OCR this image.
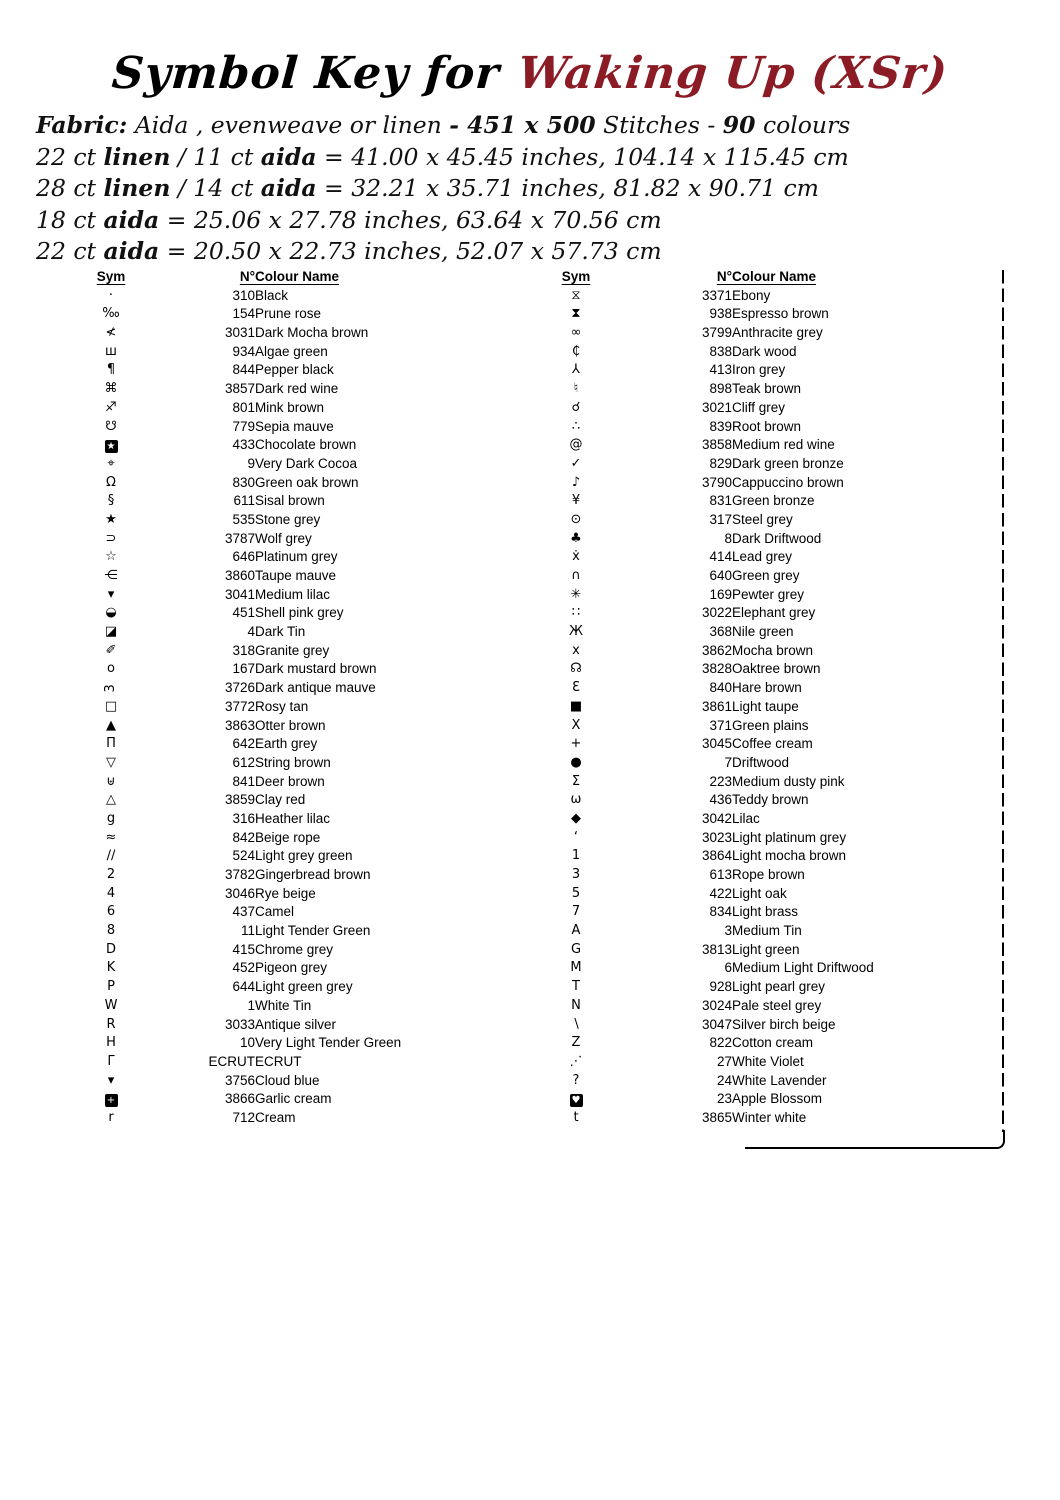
Symbol Key for Waking Up (XSr)
Fabric: Aida , evenweave or linen - 451 x 500 Stitches - 90 colours
22 ct linen / 11 ct aida = 41.00 x 45.45 inches, 104.14 x 115.45 cm
28 ct linen / 14 ct aida = 32.21 x 35.71 inches, 81.82 x 90.71 cm
18 ct aida = 25.06 x 27.78 inches, 63.64 x 70.56 cm
22 ct aida = 20.50 x 22.73 inches, 52.07 x 57.73 cm
Sym	N°	Colour Name
·	310	Black
‰	154	Prune rose
≮	3031	Dark Mocha brown
ш	934	Algae green
¶	844	Pepper black
⌘	3857	Dark red wine
♐	801	Mink brown
☋	779	Sepia mauve
★	433	Chocolate brown
⌖	9	Very Dark Cocoa
Ω	830	Green oak brown
§	611	Sisal brown
★	535	Stone grey
⊃	3787	Wolf grey
☆	646	Platinum grey
⋲	3860	Taupe mauve
▾	3041	Medium lilac
◒	451	Shell pink grey
◪	4	Dark Tin
✐	318	Granite grey
o	167	Dark mustard brown
3	3726	Dark antique mauve
□	3772	Rosy tan
▲	3863	Otter brown
Π	642	Earth grey
▽	612	String brown
⊎	841	Deer brown
△	3859	Clay red
g	316	Heather lilac
≈	842	Beige rope
∕∕	524	Light grey green
2	3782	Gingerbread brown
4	3046	Rye beige
6	437	Camel
8	11	Light Tender Green
D	415	Chrome grey
K	452	Pigeon grey
P	644	Light green grey
W	1	White Tin
R	3033	Antique silver
H	10	Very Light Tender Green
Γ	ECRUT	ECRUT
▾	3756	Cloud blue
+	3866	Garlic cream
r	712	Cream
Sym	N°	Colour Name
⧖	3371	Ebony
⧗	938	Espresso brown
∞	3799	Anthracite grey
₵	838	Dark wood
⅄	413	Iron grey
♮	898	Teak brown
☌	3021	Cliff grey
∴	839	Root brown
@	3858	Medium red wine
✓	829	Dark green bronze
♪	3790	Cappuccino brown
¥	831	Green bronze
⊙	317	Steel grey
♣	8	Dark Driftwood
ẋ	414	Lead grey
∩	640	Green grey
✳	169	Pewter grey
∷	3022	Elephant grey
Ж	368	Nile green
x	3862	Mocha brown
☊	3828	Oaktree brown
Ɛ	840	Hare brown
■	3861	Light taupe
Ⅹ	371	Green plains
+	3045	Coffee cream
●	7	Driftwood
Σ	223	Medium dusty pink
ω	436	Teddy brown
◆	3042	Lilac
‘	3023	Light platinum grey
1	3864	Light mocha brown
3	613	Rope brown
5	422	Light oak
7	834	Light brass
A	3	Medium Tin
G	3813	Light green
M	6	Medium Light Driftwood
T	928	Light pearl grey
N	3024	Pale steel grey
∖	3047	Silver birch beige
Z	822	Cotton cream
⋰	27	White Violet
?	24	White Lavender
♥	23	Apple Blossom
t	3865	Winter white
